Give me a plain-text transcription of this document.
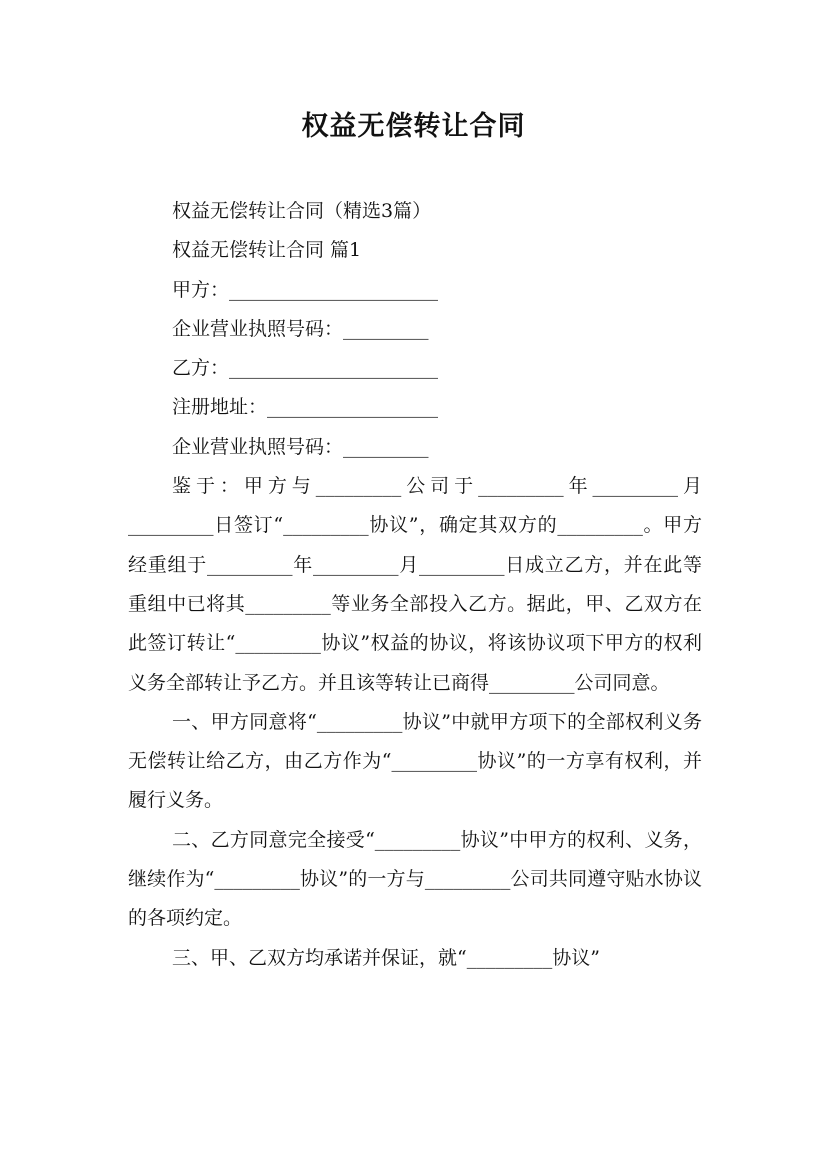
权益无偿转让合同

权益无偿转让合同（精选3篇）

权益无偿转让合同 篇1

甲方：______________________

企业营业执照号码：_________

乙方：______________________

注册地址：__________________

企业营业执照号码：_________

鉴于：甲方与_________公司于_________年_________月_________日签订“_________协议”，确定其双方的_________。甲方经重组于_________年_________月_________日成立乙方，并在此等重组中已将其_________等业务全部投入乙方。据此，甲、乙双方在此签订转让“_________协议”权益的协议，将该协议项下甲方的权利义务全部转让予乙方。并且该等转让已商得_________公司同意。

一、甲方同意将“_________协议”中就甲方项下的全部权利义务无偿转让给乙方，由乙方作为“_________协议”的一方享有权利，并履行义务。

二、乙方同意完全接受“_________协议”中甲方的权利、义务，继续作为“_________协议”的一方与_________公司共同遵守贴水协议的各项约定。

三、甲、乙双方均承诺并保证，就“_________协议”
